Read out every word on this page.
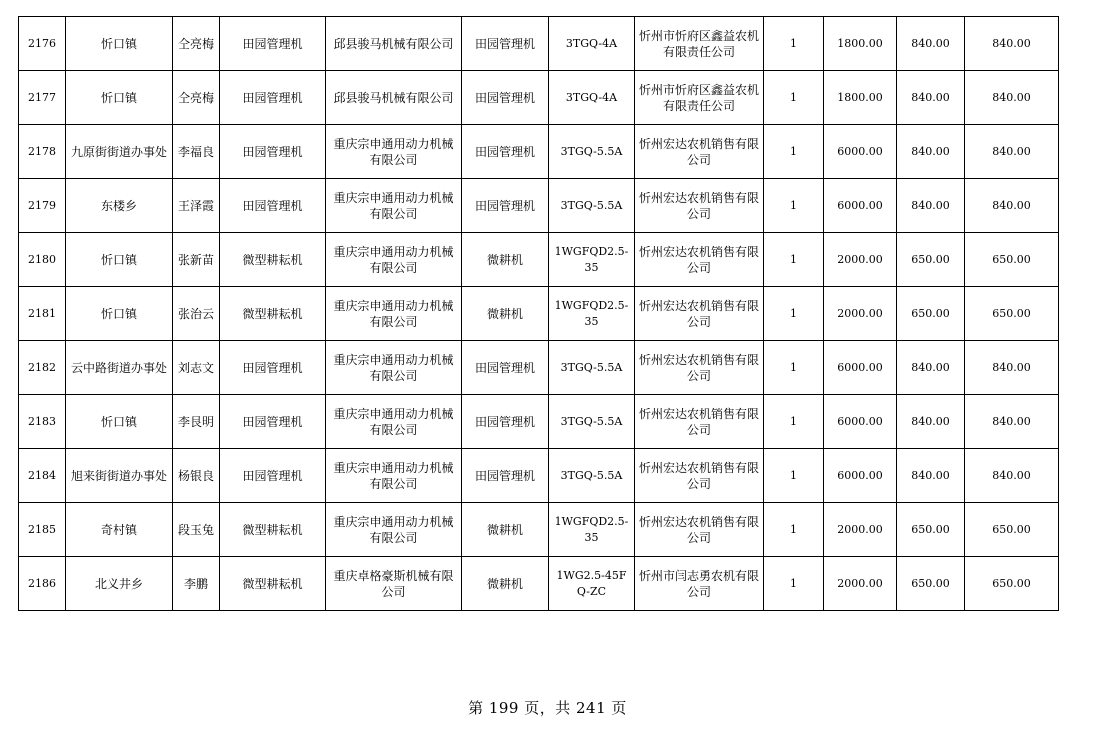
2176	忻口镇	仝亮梅	田园管理机	邱县骏马机械有限公司	田园管理机	3TGQ-4A	忻州市忻府区鑫益农机有限责任公司	1	1800.00	840.00	840.00
2177	忻口镇	仝亮梅	田园管理机	邱县骏马机械有限公司	田园管理机	3TGQ-4A	忻州市忻府区鑫益农机有限责任公司	1	1800.00	840.00	840.00
2178	九原街街道办事处	李福良	田园管理机	重庆宗申通用动力机械有限公司	田园管理机	3TGQ-5.5A	忻州宏达农机销售有限公司	1	6000.00	840.00	840.00
2179	东楼乡	王泽霞	田园管理机	重庆宗申通用动力机械有限公司	田园管理机	3TGQ-5.5A	忻州宏达农机销售有限公司	1	6000.00	840.00	840.00
2180	忻口镇	张新苗	微型耕耘机	重庆宗申通用动力机械有限公司	微耕机	1WGFQD2.5-35	忻州宏达农机销售有限公司	1	2000.00	650.00	650.00
2181	忻口镇	张治云	微型耕耘机	重庆宗申通用动力机械有限公司	微耕机	1WGFQD2.5-35	忻州宏达农机销售有限公司	1	2000.00	650.00	650.00
2182	云中路街道办事处	刘志文	田园管理机	重庆宗申通用动力机械有限公司	田园管理机	3TGQ-5.5A	忻州宏达农机销售有限公司	1	6000.00	840.00	840.00
2183	忻口镇	李艮明	田园管理机	重庆宗申通用动力机械有限公司	田园管理机	3TGQ-5.5A	忻州宏达农机销售有限公司	1	6000.00	840.00	840.00
2184	旭来街街道办事处	杨银良	田园管理机	重庆宗申通用动力机械有限公司	田园管理机	3TGQ-5.5A	忻州宏达农机销售有限公司	1	6000.00	840.00	840.00
2185	奇村镇	段玉兔	微型耕耘机	重庆宗申通用动力机械有限公司	微耕机	1WGFQD2.5-35	忻州宏达农机销售有限公司	1	2000.00	650.00	650.00
2186	北义井乡	李鹏	微型耕耘机	重庆卓格豪斯机械有限公司	微耕机	1WG2.5-45FQ-ZC	忻州市闫志勇农机有限公司	1	2000.00	650.00	650.00
第 199 页，共 241 页
